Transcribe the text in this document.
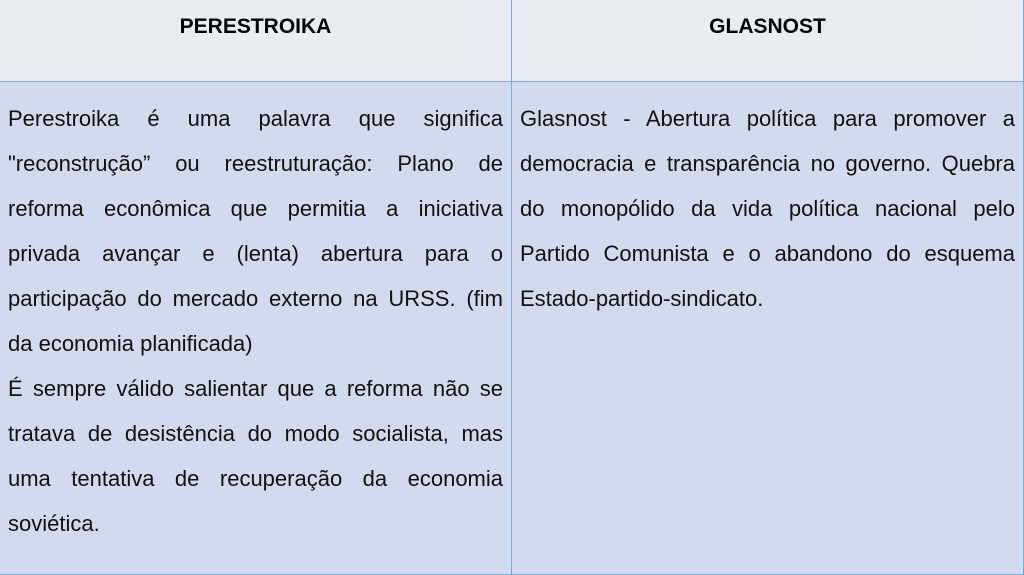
PERESTROIKA	GLASNOST

Perestroika é uma palavra que significa "reconstrução” ou reestruturação: Plano de reforma econômica que permitia a iniciativa privada avançar e (lenta) abertura para o participação do mercado externo na URSS. (fim da economia planificada)

É sempre válido salientar que a reforma não se tratava de desistência do modo socialista, mas uma tentativa de recuperação da economia soviética.

Glasnost - Abertura política para promover a democracia e transparência no governo. Quebra do monopólido da vida política nacional pelo Partido Comunista e o abandono do esquema Estado-partido-sindicato.
